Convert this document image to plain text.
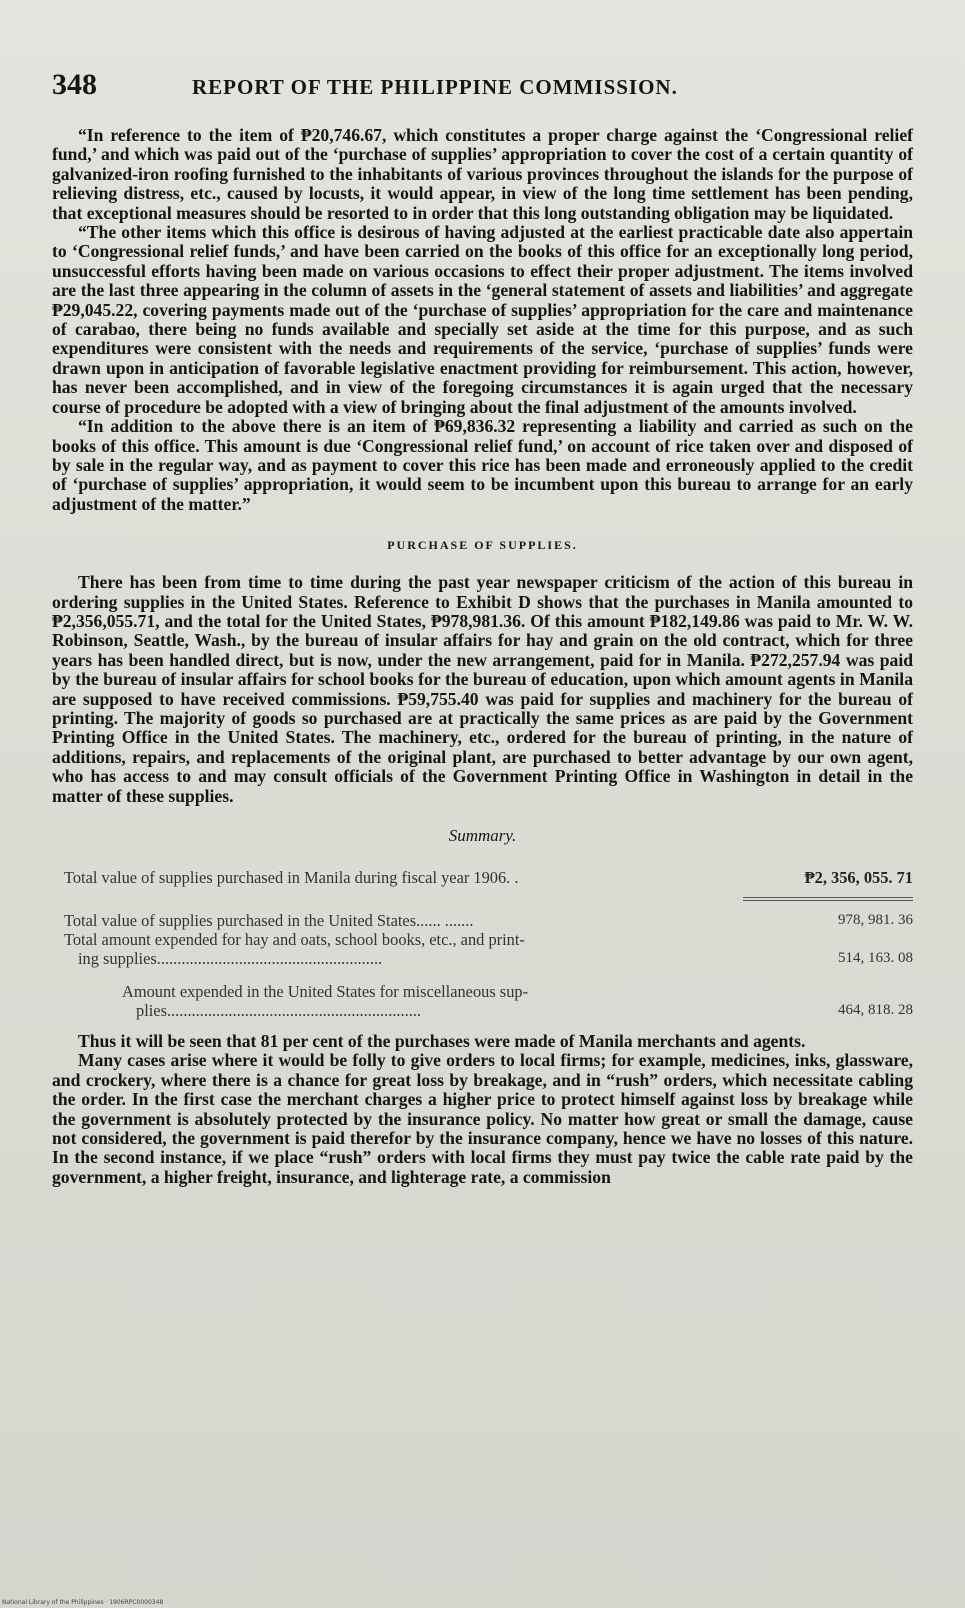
348	REPORT OF THE PHILIPPINE COMMISSION.

“In reference to the item of ₱20,746.67, which constitutes a proper charge against the ‘Congressional relief fund,’ and which was paid out of the ‘purchase of supplies’ appropriation to cover the cost of a certain quantity of galvanized-iron roofing furnished to the inhabitants of various provinces throughout the islands for the purpose of relieving distress, etc., caused by locusts, it would appear, in view of the long time settlement has been pending, that exceptional measures should be resorted to in order that this long outstanding obligation may be liquidated.

“The other items which this office is desirous of having adjusted at the earliest practicable date also appertain to ‘Congressional relief funds,’ and have been carried on the books of this office for an exceptionally long period, unsuccessful efforts having been made on various occasions to effect their proper adjustment. The items involved are the last three appearing in the column of assets in the ‘general statement of assets and liabilities’ and aggregate ₱29,045.22, covering payments made out of the ‘purchase of supplies’ appropriation for the care and maintenance of carabao, there being no funds available and specially set aside at the time for this purpose, and as such expenditures were consistent with the needs and requirements of the service, ‘purchase of supplies’ funds were drawn upon in anticipation of favorable legislative enactment providing for reimbursement. This action, however, has never been accomplished, and in view of the foregoing circumstances it is again urged that the necessary course of procedure be adopted with a view of bringing about the final adjustment of the amounts involved.

“In addition to the above there is an item of ₱69,836.32 representing a liability and carried as such on the books of this office. This amount is due ‘Congressional relief fund,’ on account of rice taken over and disposed of by sale in the regular way, and as payment to cover this rice has been made and erroneously applied to the credit of ‘purchase of supplies’ appropriation, it would seem to be incumbent upon this bureau to arrange for an early adjustment of the matter.”

PURCHASE OF SUPPLIES.

There has been from time to time during the past year newspaper criticism of the action of this bureau in ordering supplies in the United States. Reference to Exhibit D shows that the purchases in Manila amounted to ₱2,356,055.71, and the total for the United States, ₱978,981.36. Of this amount ₱182,149.86 was paid to Mr. W. W. Robinson, Seattle, Wash., by the bureau of insular affairs for hay and grain on the old contract, which for three years has been handled direct, but is now, under the new arrangement, paid for in Manila. ₱272,257.94 was paid by the bureau of insular affairs for school books for the bureau of education, upon which amount agents in Manila are supposed to have received commissions. ₱59,755.40 was paid for supplies and machinery for the bureau of printing. The majority of goods so purchased are at practically the same prices as are paid by the Government Printing Office in the United States. The machinery, etc., ordered for the bureau of printing, in the nature of additions, repairs, and replacements of the original plant, are purchased to better advantage by our own agent, who has access to and may consult officials of the Government Printing Office in Washington in detail in the matter of these supplies.

Summary.
Total value of supplies purchased in Manila during fiscal year 1906. .	₱2, 356, 055. 71
Total value of supplies purchased in the United States...... .......	978, 981. 36
Total amount expended for hay and oats, school books, etc., and print-
ing supplies.......................................................	514, 163. 08
Amount expended in the United States for miscellaneous sup-
plies..............................................................	464, 818. 28

Thus it will be seen that 81 per cent of the purchases were made of Manila merchants and agents.

Many cases arise where it would be folly to give orders to local firms; for example, medicines, inks, glassware, and crockery, where there is a chance for great loss by breakage, and in “rush” orders, which necessitate cabling the order. In the first case the merchant charges a higher price to protect himself against loss by breakage while the government is absolutely protected by the insurance policy. No matter how great or small the damage, cause not considered, the government is paid therefor by the insurance company, hence we have no losses of this nature. In the second instance, if we place “rush” orders with local firms they must pay twice the cable rate paid by the government, a higher freight, insurance, and lighterage rate, a commission

National Library of the Philippines · 1906RPC0000348
